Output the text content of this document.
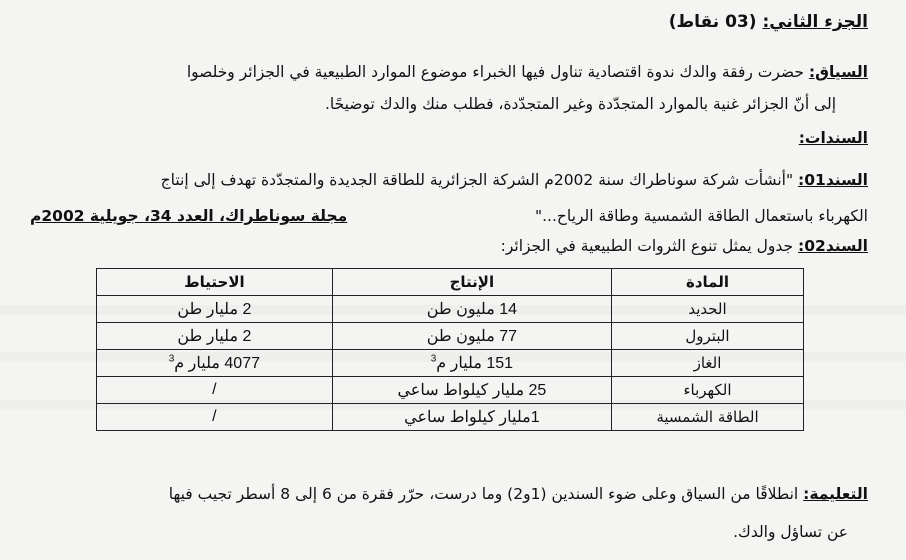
الجزء الثاني: (03 نقاط)
السياق: حضرت رفقة والدك ندوة اقتصادية تناول فيها الخبراء موضوع الموارد الطبيعية في الجزائر وخلصوا
إلى أنّ الجزائر غنية بالموارد المتجدّدة وغير المتجدّدة، فطلب منك والدك توضيحًا.
السندات:
السند01: "أنشأت شركة سوناطراك سنة 2002م الشركة الجزائرية للطاقة الجديدة والمتجدّدة تهدف إلى إنتاج
الكهرباء باستعمال الطاقة الشمسية وطاقة الرياح..."
مجلة سوناطراك، العدد 34، جويلية 2002م
السند02: جدول يمثل تنوع الثروات الطبيعية في الجزائر:
المادة	الإنتاج	الاحتياط
الحديد	14 مليون طن	2 مليار طن
البترول	77 مليون طن	2 مليار طن
الغاز	151 مليار م$^3$	4077 مليار م$^3$
الكهرباء	25 مليار كيلواط ساعي	/
الطاقة الشمسية	1مليار كيلواط ساعي	/
التعليمة: انطلاقًا من السياق وعلى ضوء السندين (1و2) وما درست، حرّر فقرة من 6 إلى 8 أسطر تجيب فيها
عن تساؤل والدك.
